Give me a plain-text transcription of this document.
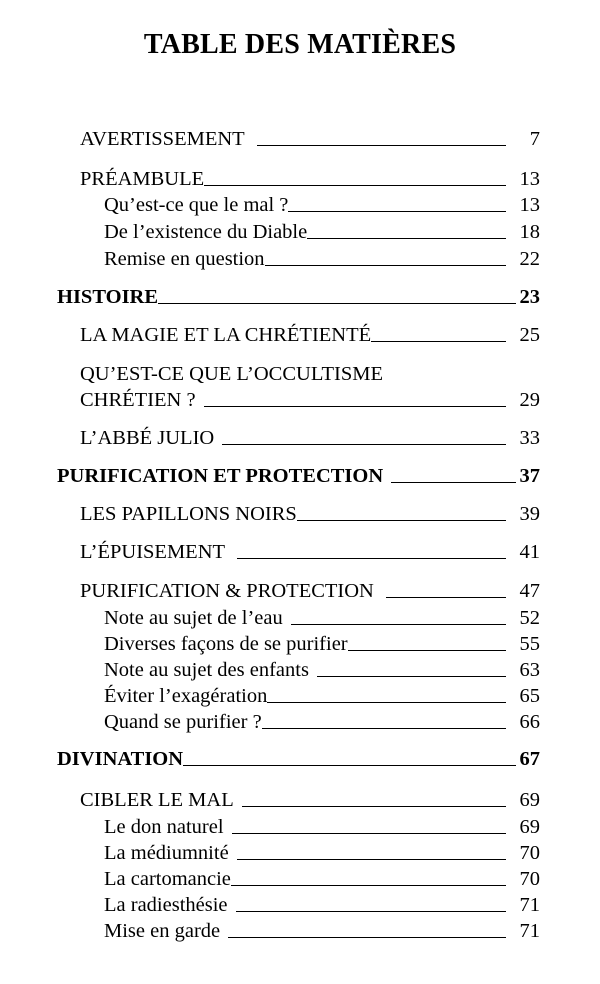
TABLE DES MATIÈRES
AVERTISSEMENT	7
PRÉAMBULE	13
Qu’est-ce que le mal ?	13
De l’existence du Diable	18
Remise en question	22
HISTOIRE	23
LA MAGIE ET LA CHRÉTIENTÉ	25
QU’EST-CE QUE L’OCCULTISME
CHRÉTIEN ?	29
L’ABBÉ JULIO	33
PURIFICATION ET PROTECTION	37
LES PAPILLONS NOIRS	39
L’ÉPUISEMENT	41
PURIFICATION & PROTECTION	47
Note au sujet de l’eau	52
Diverses façons de se purifier	55
Note au sujet des enfants	63
Éviter l’exagération	65
Quand se purifier ?	66
DIVINATION	67
CIBLER LE MAL	69
Le don naturel	69
La médiumnité	70
La cartomancie	70
La radiesthésie	71
Mise en garde	71
